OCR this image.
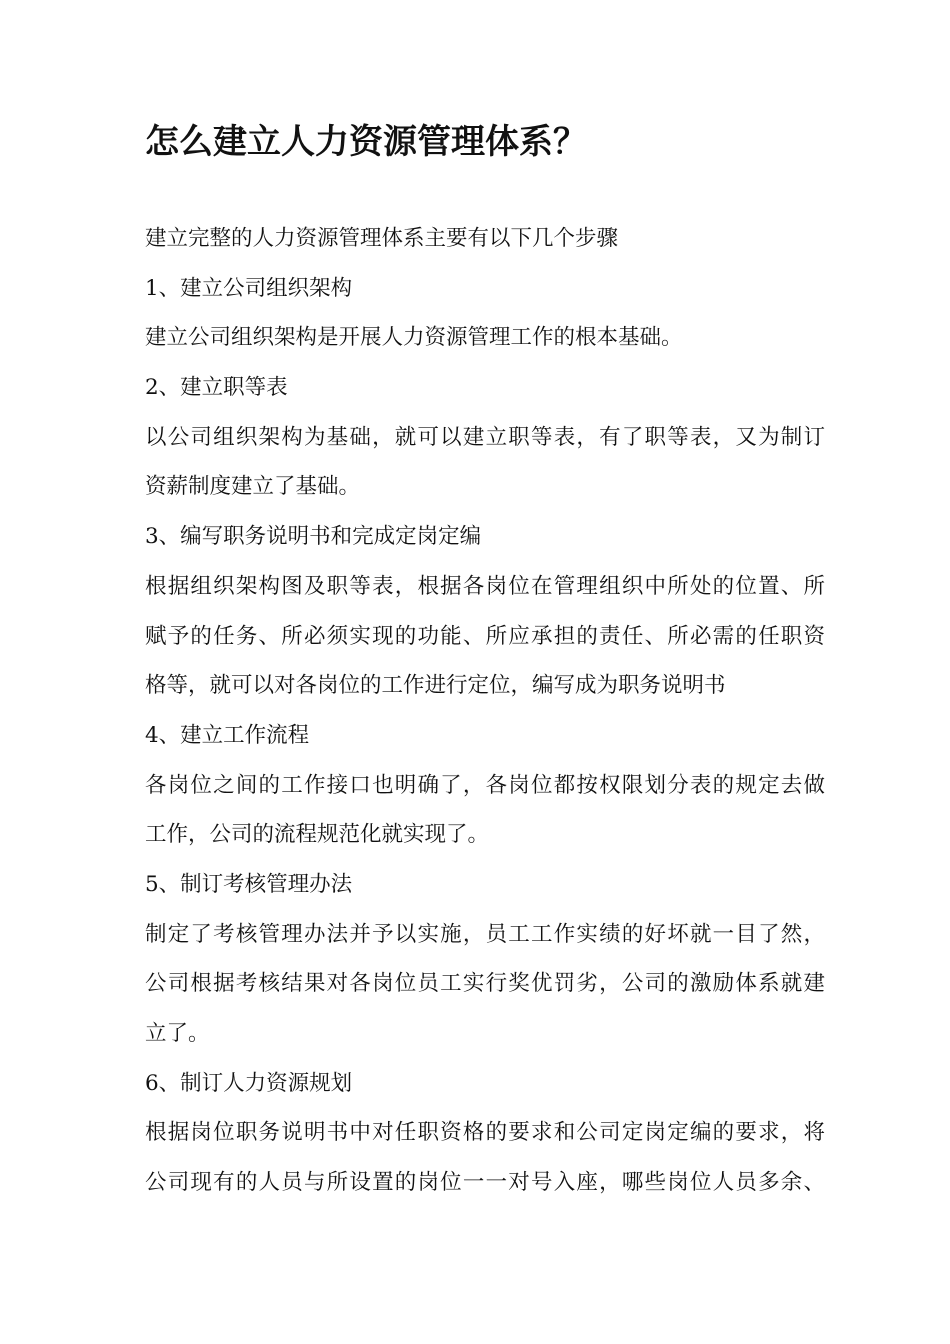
怎么建立人力资源管理体系？
建立完整的人力资源管理体系主要有以下几个步骤
1、建立公司组织架构
建立公司组织架构是开展人力资源管理工作的根本基础。
2、建立职等表
以公司组织架构为基础，就可以建立职等表，有了职等表，又为制订
资薪制度建立了基础。
3、编写职务说明书和完成定岗定编
根据组织架构图及职等表，根据各岗位在管理组织中所处的位置、所
赋予的任务、所必须实现的功能、所应承担的责任、所必需的任职资
格等，就可以对各岗位的工作进行定位，编写成为职务说明书
4、建立工作流程
各岗位之间的工作接口也明确了，各岗位都按权限划分表的规定去做
工作，公司的流程规范化就实现了。
5、制订考核管理办法
制定了考核管理办法并予以实施，员工工作实绩的好坏就一目了然，
公司根据考核结果对各岗位员工实行奖优罚劣，公司的激励体系就建
立了。
6、制订人力资源规划
根据岗位职务说明书中对任职资格的要求和公司定岗定编的要求，将
公司现有的人员与所设置的岗位一一对号入座，哪些岗位人员多余、
